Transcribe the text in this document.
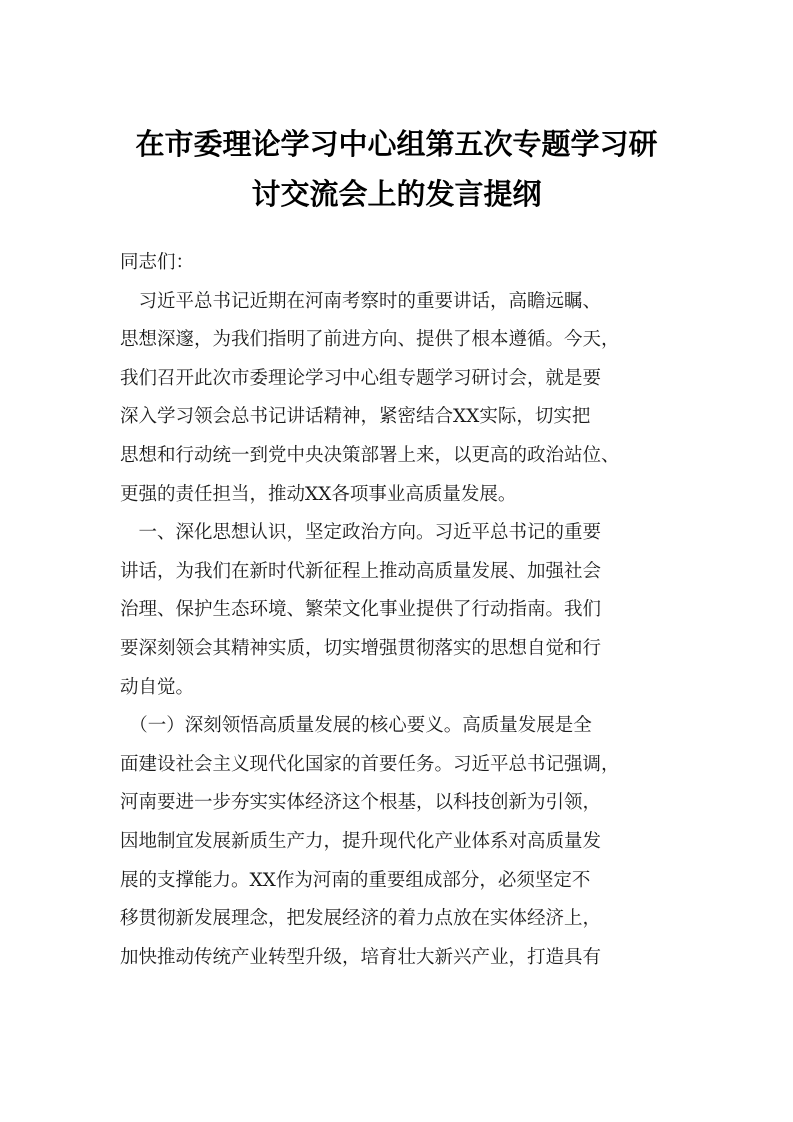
在市委理论学习中心组第五次专题学习研
讨交流会上的发言提纲
同志们：
　习近平总书记近期在河南考察时的重要讲话，高瞻远瞩、
思想深邃，为我们指明了前进方向、提供了根本遵循。今天，
我们召开此次市委理论学习中心组专题学习研讨会，就是要
深入学习领会总书记讲话精神，紧密结合XX实际，切实把
思想和行动统一到党中央决策部署上来，以更高的政治站位、
更强的责任担当，推动XX各项事业高质量发展。
　一、深化思想认识，坚定政治方向。习近平总书记的重要
讲话，为我们在新时代新征程上推动高质量发展、加强社会
治理、保护生态环境、繁荣文化事业提供了行动指南。我们
要深刻领会其精神实质，切实增强贯彻落实的思想自觉和行
动自觉。
　（一）深刻领悟高质量发展的核心要义。高质量发展是全
面建设社会主义现代化国家的首要任务。习近平总书记强调，
河南要进一步夯实实体经济这个根基，以科技创新为引领，
因地制宜发展新质生产力，提升现代化产业体系对高质量发
展的支撑能力。XX作为河南的重要组成部分，必须坚定不
移贯彻新发展理念，把发展经济的着力点放在实体经济上，
加快推动传统产业转型升级，培育壮大新兴产业，打造具有
